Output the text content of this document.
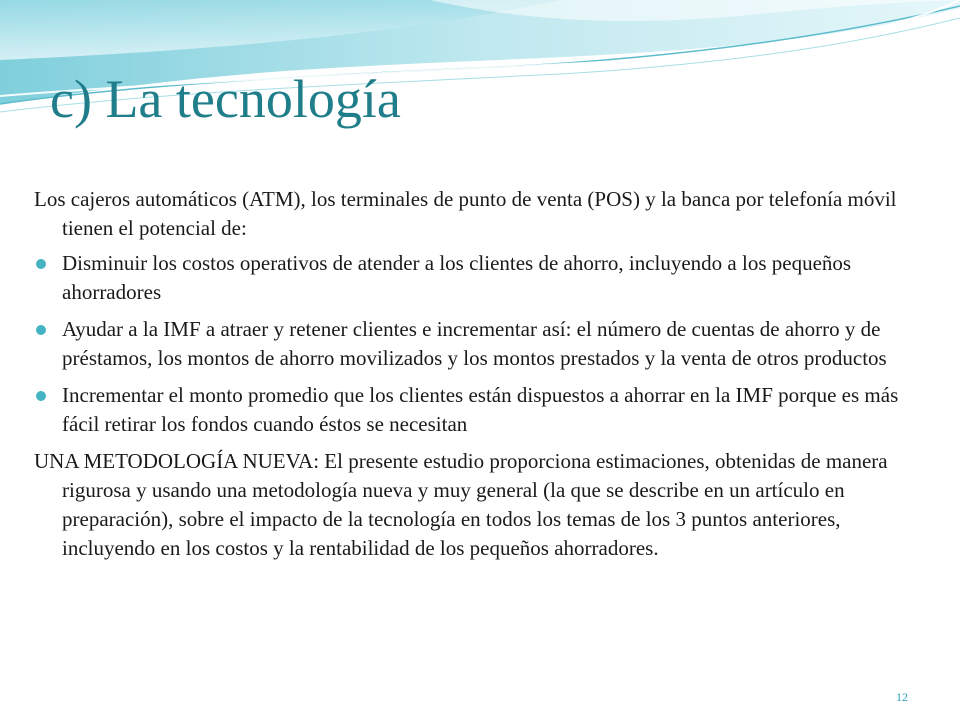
c) La tecnología

Los cajeros automáticos (ATM), los terminales de punto de venta (POS) y la banca por telefonía móvil tienen el potencial de:

Disminuir los costos operativos de atender a los clientes de ahorro, incluyendo a los pequeños ahorradores
Ayudar a la IMF a atraer y retener clientes e incrementar así: el número de cuentas de ahorro y de préstamos, los montos de ahorro movilizados y los montos prestados y la venta de otros productos
Incrementar el monto promedio que los clientes están dispuestos a ahorrar en la IMF porque es más fácil retirar los fondos cuando éstos se necesitan

UNA METODOLOGÍA NUEVA: El presente estudio proporciona estimaciones, obtenidas de manera rigurosa y usando una metodología nueva y muy general (la que se describe en un artículo en preparación), sobre el impacto de la tecnología en todos los temas de los 3 puntos anteriores, incluyendo en los costos y la rentabilidad de los pequeños ahorradores.

12
